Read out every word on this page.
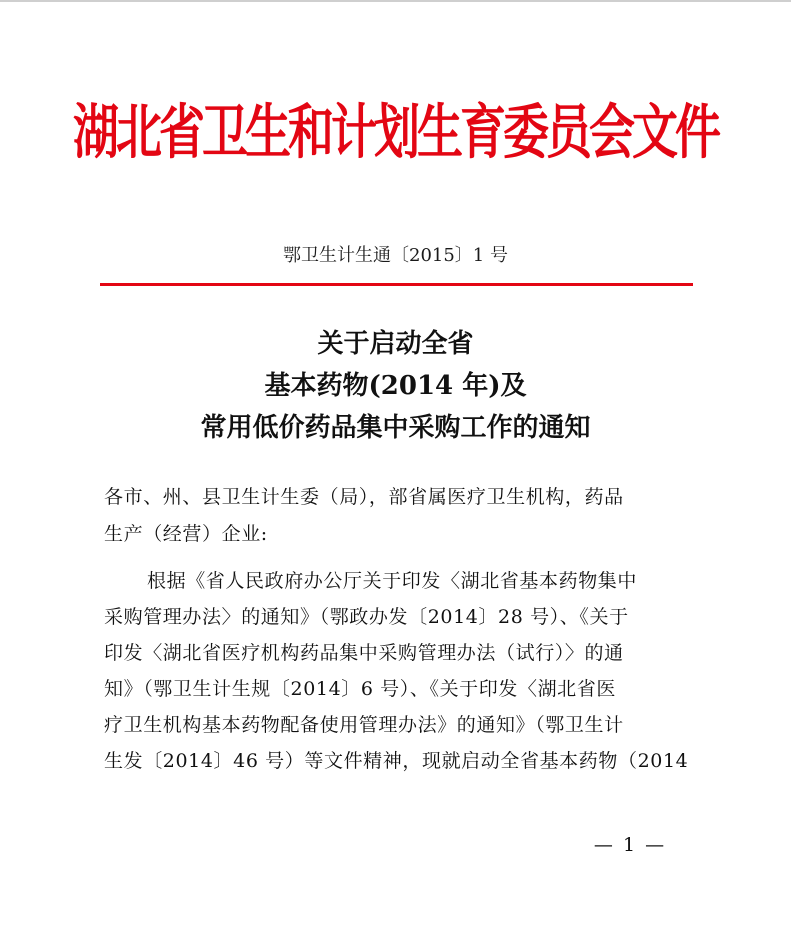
湖北省卫生和计划生育委员会文件
鄂卫生计生通〔2015〕1 号
关于启动全省
基本药物(2014 年)及
常用低价药品集中采购工作的通知
各市、州、县卫生计生委（局），部省属医疗卫生机构，药品
生产（经营）企业:
根据《省人民政府办公厅关于印发〈湖北省基本药物集中
采购管理办法〉的通知》（鄂政办发〔2014〕28 号）、《关于
印发〈湖北省医疗机构药品集中采购管理办法（试行）〉的通
知》（鄂卫生计生规〔2014〕6 号）、《关于印发〈湖北省医
疗卫生机构基本药物配备使用管理办法》的通知》（鄂卫生计
生发〔2014〕46 号）等文件精神，现就启动全省基本药物（2014
— 1 —
